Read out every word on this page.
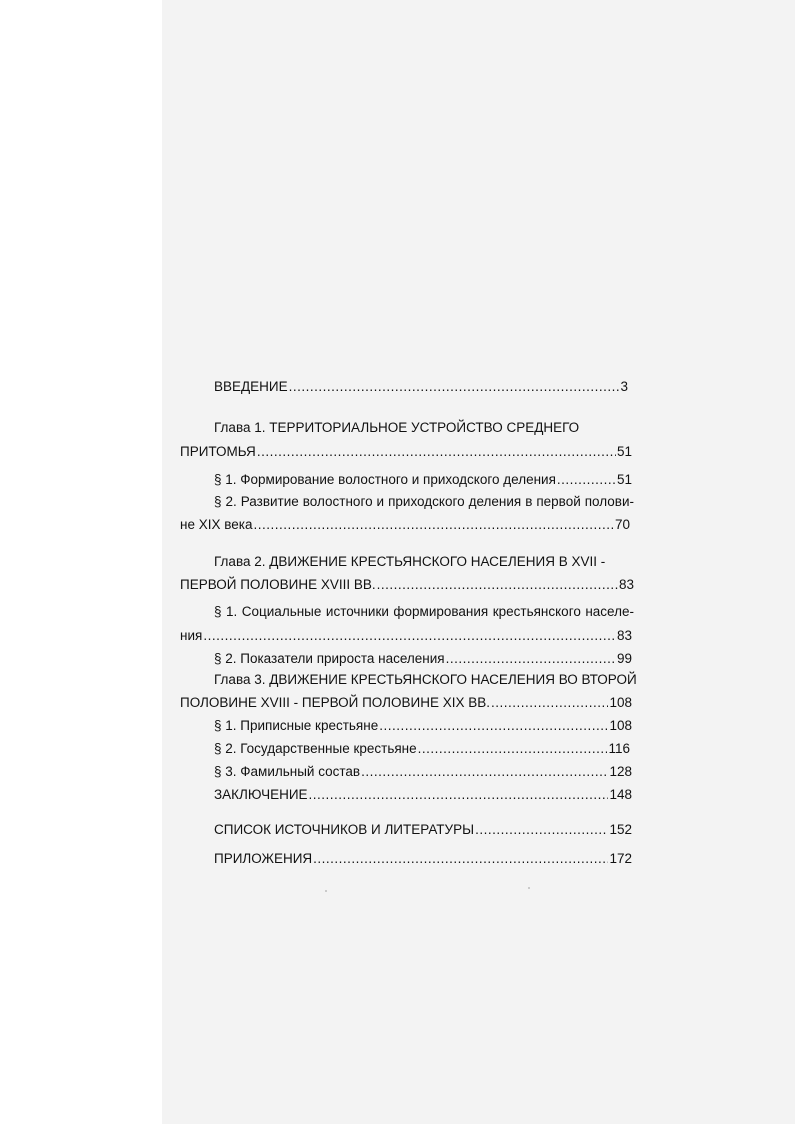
ВВЕДЕНИЕ .....	3
Глава 1. ТЕРРИТОРИАЛЬНОЕ УСТРОЙСТВО СРЕДНЕГО
ПРИТОМЬЯ .....	51
§ 1. Формирование волостного и приходского деления .....	51
§ 2. Развитие волостного и приходского деления в первой полови-
не XIX века .....	70
Глава 2. ДВИЖЕНИЕ КРЕСТЬЯНСКОГО НАСЕЛЕНИЯ В XVII -
ПЕРВОЙ ПОЛОВИНЕ XVIII ВВ. .....	83
§ 1. Социальные источники формирования крестьянского населе-
ния .....	83
§ 2. Показатели прироста населения .....	99
Глава 3. ДВИЖЕНИЕ КРЕСТЬЯНСКОГО НАСЕЛЕНИЯ ВО ВТОРОЙ
ПОЛОВИНЕ XVIII - ПЕРВОЙ ПОЛОВИНЕ XIX ВВ. .....	108
§ 1. Приписные крестьяне .....	108
§ 2. Государственные крестьяне .....	116
§ 3. Фамильный состав .....	128
ЗАКЛЮЧЕНИЕ .....	148
СПИСОК ИСТОЧНИКОВ И ЛИТЕРАТУРЫ .....	152
ПРИЛОЖЕНИЯ .....	172
